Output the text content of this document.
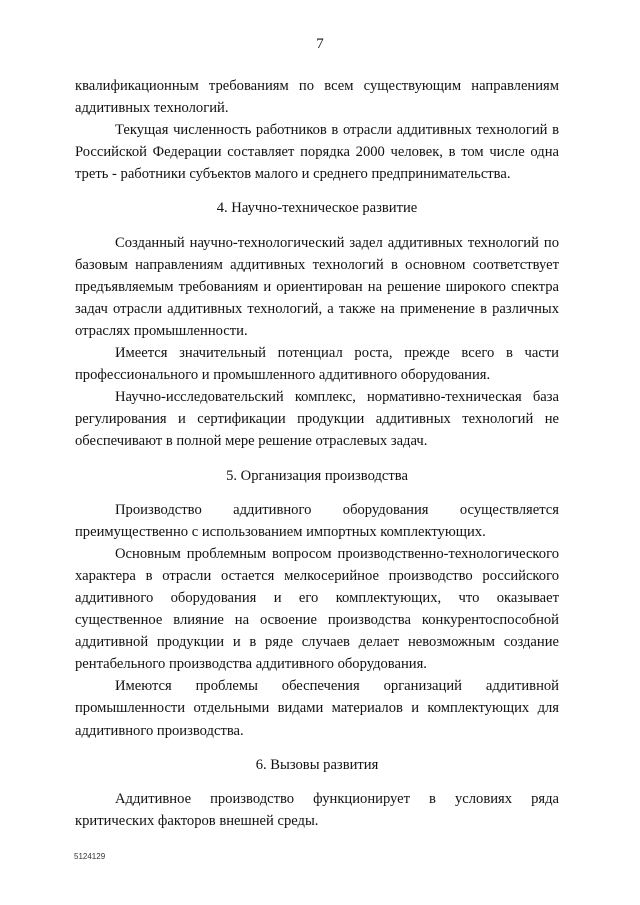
7

квалификационным требованиям по всем существующим направлениям аддитивных технологий.

Текущая численность работников в отрасли аддитивных технологий в Российской Федерации составляет порядка 2000 человек, в том числе одна треть - работники субъектов малого и среднего предпринимательства.

4. Научно-техническое развитие

Созданный научно-технологический задел аддитивных технологий по базовым направлениям аддитивных технологий в основном соответствует предъявляемым требованиям и ориентирован на решение широкого спектра задач отрасли аддитивных технологий, а также на применение в различных отраслях промышленности.

Имеется значительный потенциал роста, прежде всего в части профессионального и промышленного аддитивного оборудования.

Научно-исследовательский комплекс, нормативно-техническая база регулирования и сертификации продукции аддитивных технологий не обеспечивают в полной мере решение отраслевых задач.

5. Организация производства

Производство аддитивного оборудования осуществляется преимущественно с использованием импортных комплектующих.

Основным проблемным вопросом производственно-технологического характера в отрасли остается мелкосерийное производство российского аддитивного оборудования и его комплектующих, что оказывает существенное влияние на освоение производства конкурентоспособной аддитивной продукции и в ряде случаев делает невозможным создание рентабельного производства аддитивного оборудования.

Имеются проблемы обеспечения организаций аддитивной промышленности отдельными видами материалов и комплектующих для аддитивного производства.

6. Вызовы развития

Аддитивное производство функционирует в условиях ряда критических факторов внешней среды.

5124129
